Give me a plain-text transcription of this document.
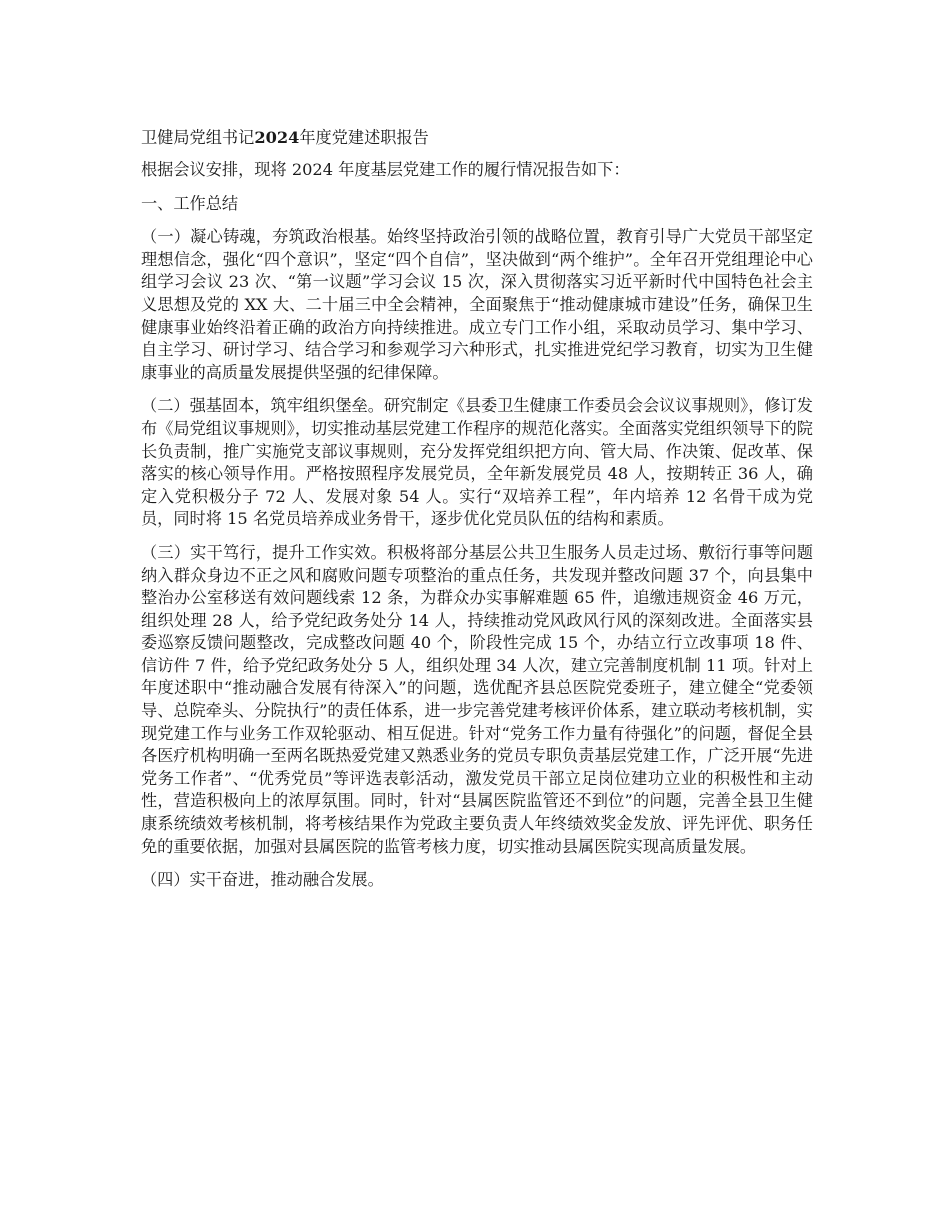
卫健局党组书记2024年度党建述职报告

根据会议安排，现将 2024 年度基层党建工作的履行情况报告如下：

一、工作总结

（一）凝心铸魂，夯筑政治根基。始终坚持政治引领的战略位置，教育引导广大党员干部坚定理想信念，强化“四个意识”，坚定“四个自信”，坚决做到“两个维护”。全年召开党组理论中心组学习会议 23 次、“第一议题”学习会议 15 次，深入贯彻落实习近平新时代中国特色社会主义思想及党的 XX 大、二十届三中全会精神，全面聚焦于“推动健康城市建设”任务，确保卫生健康事业始终沿着正确的政治方向持续推进。成立专门工作小组，采取动员学习、集中学习、自主学习、研讨学习、结合学习和参观学习六种形式，扎实推进党纪学习教育，切实为卫生健康事业的高质量发展提供坚强的纪律保障。

（二）强基固本，筑牢组织堡垒。研究制定《县委卫生健康工作委员会会议议事规则》，修订发布《局党组议事规则》，切实推动基层党建工作程序的规范化落实。全面落实党组织领导下的院长负责制，推广实施党支部议事规则，充分发挥党组织把方向、管大局、作决策、促改革、保落实的核心领导作用。严格按照程序发展党员，全年新发展党员 48 人，按期转正 36 人，确定入党积极分子 72 人、发展对象 54 人。实行“双培养工程”，年内培养 12 名骨干成为党员，同时将 15 名党员培养成业务骨干，逐步优化党员队伍的结构和素质。

（三）实干笃行，提升工作实效。积极将部分基层公共卫生服务人员走过场、敷衍行事等问题纳入群众身边不正之风和腐败问题专项整治的重点任务，共发现并整改问题 37 个，向县集中整治办公室移送有效问题线索 12 条，为群众办实事解难题 65 件，追缴违规资金 46 万元，组织处理 28 人，给予党纪政务处分 14 人，持续推动党风政风行风的深刻改进。全面落实县委巡察反馈问题整改，完成整改问题 40 个，阶段性完成 15 个，办结立行立改事项 18 件、信访件 7 件，给予党纪政务处分 5 人，组织处理 34 人次，建立完善制度机制 11 项。针对上年度述职中“推动融合发展有待深入”的问题，选优配齐县总医院党委班子，建立健全“党委领导、总院牵头、分院执行”的责任体系，进一步完善党建考核评价体系，建立联动考核机制，实现党建工作与业务工作双轮驱动、相互促进。针对“党务工作力量有待强化”的问题，督促全县各医疗机构明确一至两名既热爱党建又熟悉业务的党员专职负责基层党建工作，广泛开展“先进党务工作者”、“优秀党员”等评选表彰活动，激发党员干部立足岗位建功立业的积极性和主动性，营造积极向上的浓厚氛围。同时，针对“县属医院监管还不到位”的问题，完善全县卫生健康系统绩效考核机制，将考核结果作为党政主要负责人年终绩效奖金发放、评先评优、职务任免的重要依据，加强对县属医院的监管考核力度，切实推动县属医院实现高质量发展。

（四）实干奋进，推动融合发展。
